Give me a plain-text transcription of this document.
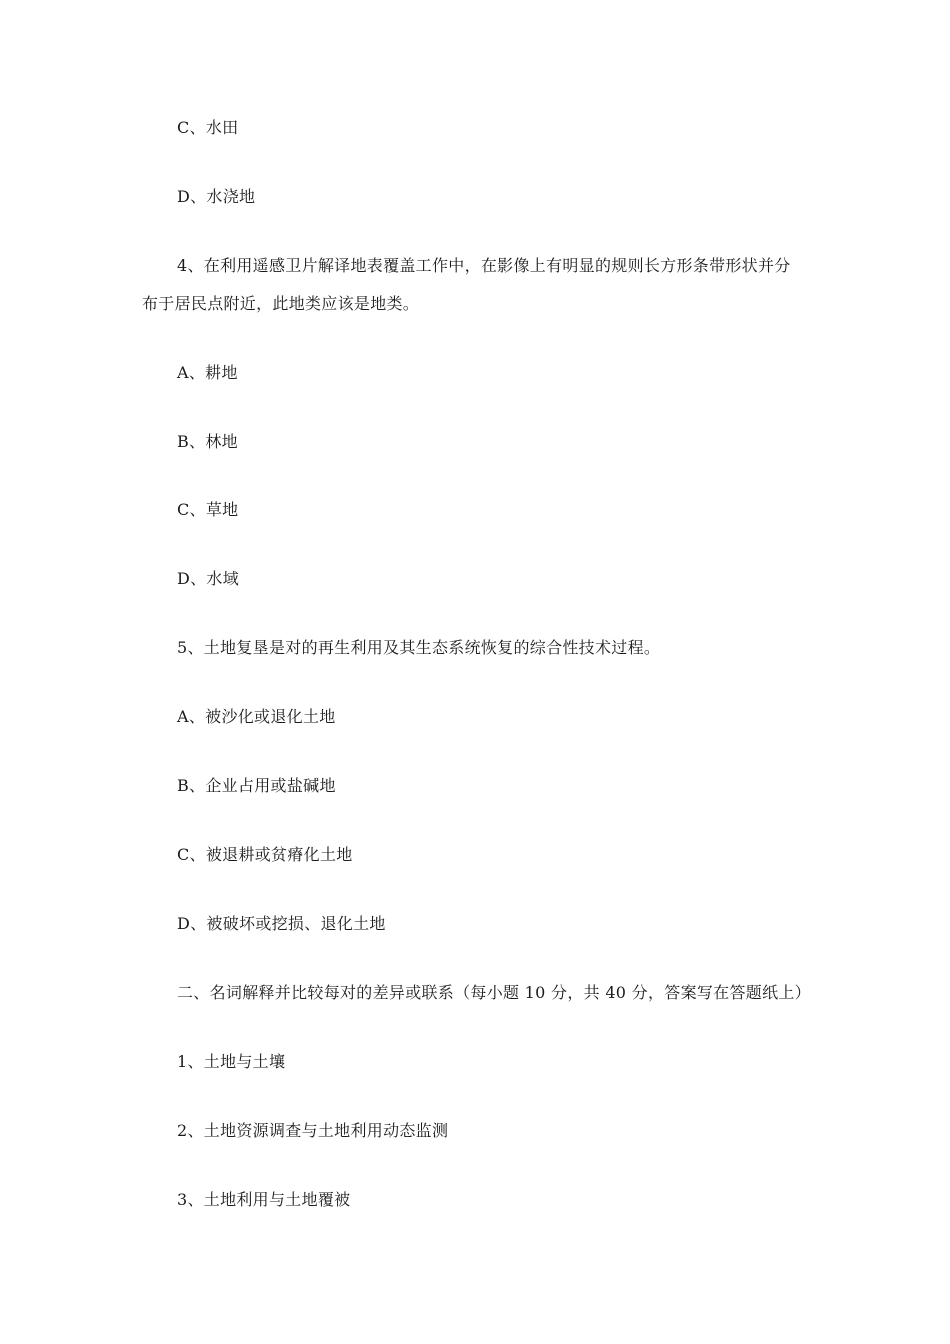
C、水田
D、水浇地
4、在利用遥感卫片解译地表覆盖工作中，在影像上有明显的规则长方形条带形状并分
布于居民点附近，此地类应该是地类。
A、耕地
B、林地
C、草地
D、水域
5、土地复垦是对的再生利用及其生态系统恢复的综合性技术过程。
A、被沙化或退化土地
B、企业占用或盐碱地
C、被退耕或贫瘠化土地
D、被破坏或挖损、退化土地
二、名词解释并比较每对的差异或联系（每小题 10 分，共 40 分，答案写在答题纸上）
1、土地与土壤
2、土地资源调查与土地利用动态监测
3、土地利用与土地覆被
